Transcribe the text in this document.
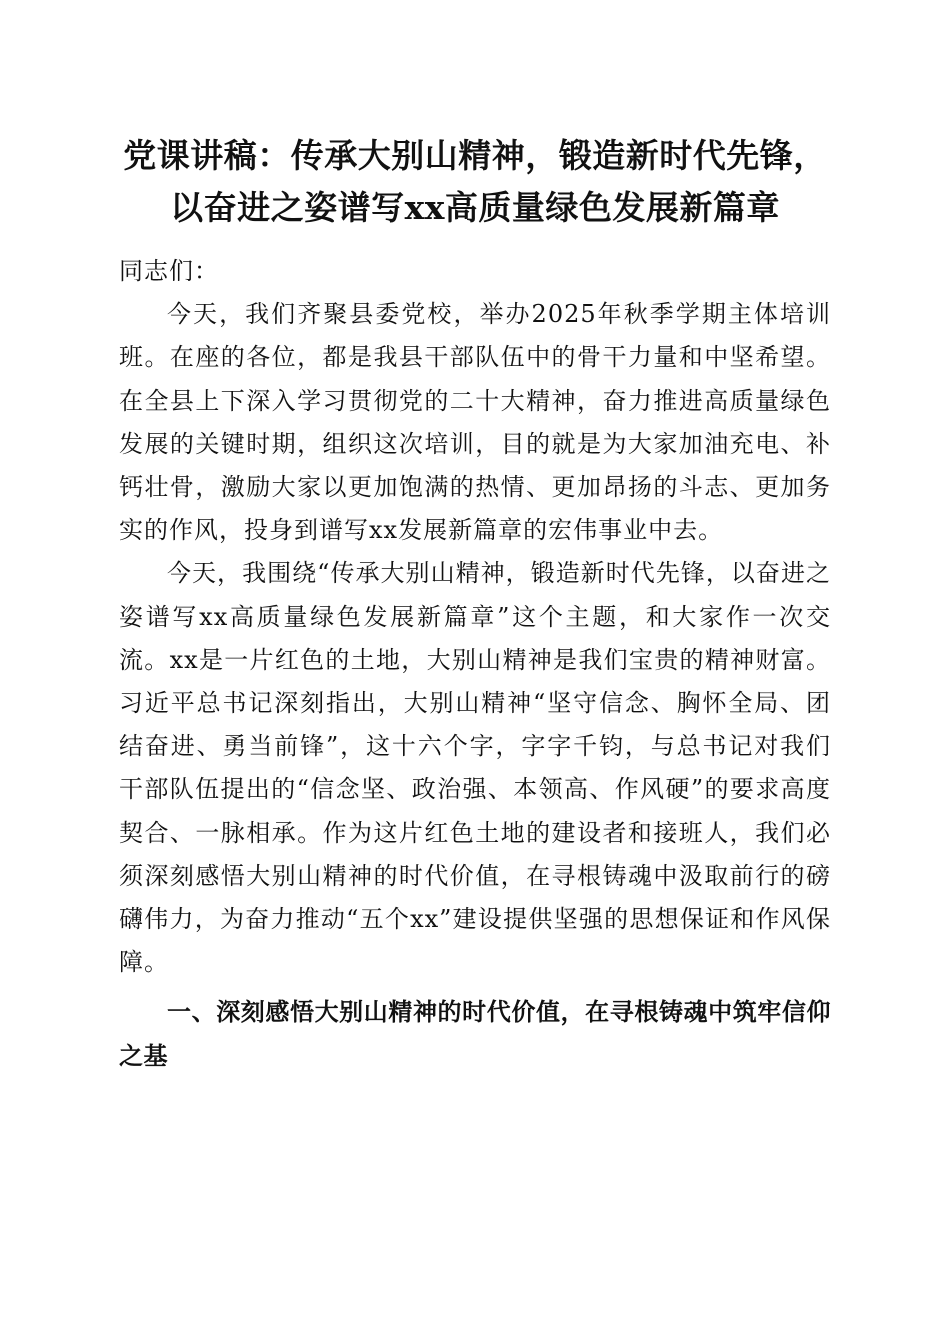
党课讲稿：传承大别山精神，锻造新时代先锋，
以奋进之姿谱写xx高质量绿色发展新篇章

同志们：

今天，我们齐聚县委党校，举办2025年秋季学期主体培训班。在座的各位，都是我县干部队伍中的骨干力量和中坚希望。在全县上下深入学习贯彻党的二十大精神，奋力推进高质量绿色发展的关键时期，组织这次培训，目的就是为大家加油充电、补钙壮骨，激励大家以更加饱满的热情、更加昂扬的斗志、更加务实的作风，投身到谱写xx发展新篇章的宏伟事业中去。

今天，我围绕“传承大别山精神，锻造新时代先锋，以奋进之姿谱写xx高质量绿色发展新篇章”这个主题，和大家作一次交流。xx是一片红色的土地，大别山精神是我们宝贵的精神财富。习近平总书记深刻指出，大别山精神“坚守信念、胸怀全局、团结奋进、勇当前锋”，这十六个字，字字千钧，与总书记对我们干部队伍提出的“信念坚、政治强、本领高、作风硬”的要求高度契合、一脉相承。作为这片红色土地的建设者和接班人，我们必须深刻感悟大别山精神的时代价值，在寻根铸魂中汲取前行的磅礴伟力，为奋力推动“五个xx”建设提供坚强的思想保证和作风保障。

一、深刻感悟大别山精神的时代价值，在寻根铸魂中筑牢信仰之基
